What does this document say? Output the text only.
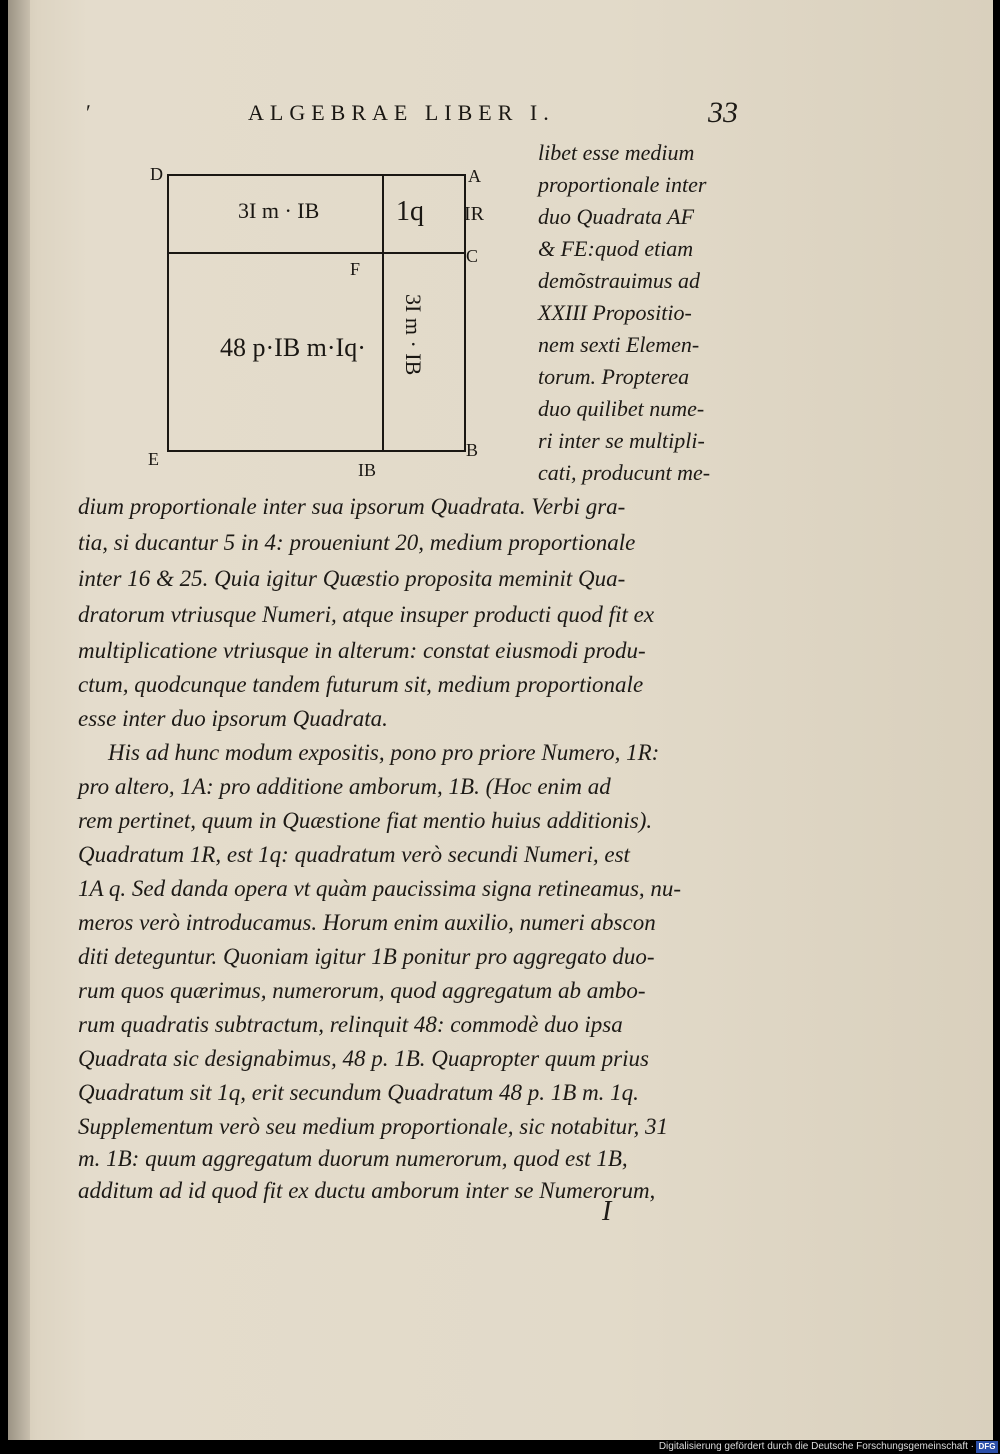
ʹ	ALGEBRAE LIBER I.	33
D	A
C
F
E	B
3I m · IB	1q IR
48 p·IB m·Iq· 3I m · IB
IB
libet esse medium
proportionale inter
duo Quadrata AF
& FE:quod etiam
demõstrauimus ad
XXIII Propositio-
nem sexti Elemen-
torum. Propterea
duo quilibet nume-
ri inter se multipli-
cati, producunt me-
dium proportionale inter sua ipsorum Quadrata. Verbi gra-
tia, si ducantur 5 in 4: proueniunt 20, medium proportionale
inter 16 & 25. Quia igitur Quæstio proposita meminit Qua-
dratorum vtriusque Numeri, atque insuper producti quod fit ex
multiplicatione vtriusque in alterum: constat eiusmodi produ-
ctum, quodcunque tandem futurum sit, medium proportionale
esse inter duo ipsorum Quadrata.
His ad hunc modum expositis, pono pro priore Numero, 1R:
pro altero, 1A: pro additione amborum, 1B. (Hoc enim ad
rem pertinet, quum in Quæstione fiat mentio huius additionis).
Quadratum 1R, est 1q: quadratum verò secundi Numeri, est
1A q. Sed danda opera vt quàm paucissima signa retineamus, nu-
meros verò introducamus. Horum enim auxilio, numeri abscon
diti deteguntur. Quoniam igitur 1B ponitur pro aggregato duo-
rum quos quærimus, numerorum, quod aggregatum ab ambo-
rum quadratis subtractum, relinquit 48: commodè duo ipsa
Quadrata sic designabimus, 48 p. 1B. Quapropter quum prius
Quadratum sit 1q, erit secundum Quadratum 48 p. 1B m. 1q.
Supplementum verò seu medium proportionale, sic notabitur, 31
m. 1B: quum aggregatum duorum numerorum, quod est 1B,
additum ad id quod fit ex ductu amborum inter se Numerorum,
I
Digitalisierung gefördert durch die Deutsche Forschungsgemeinschaft · DFG
